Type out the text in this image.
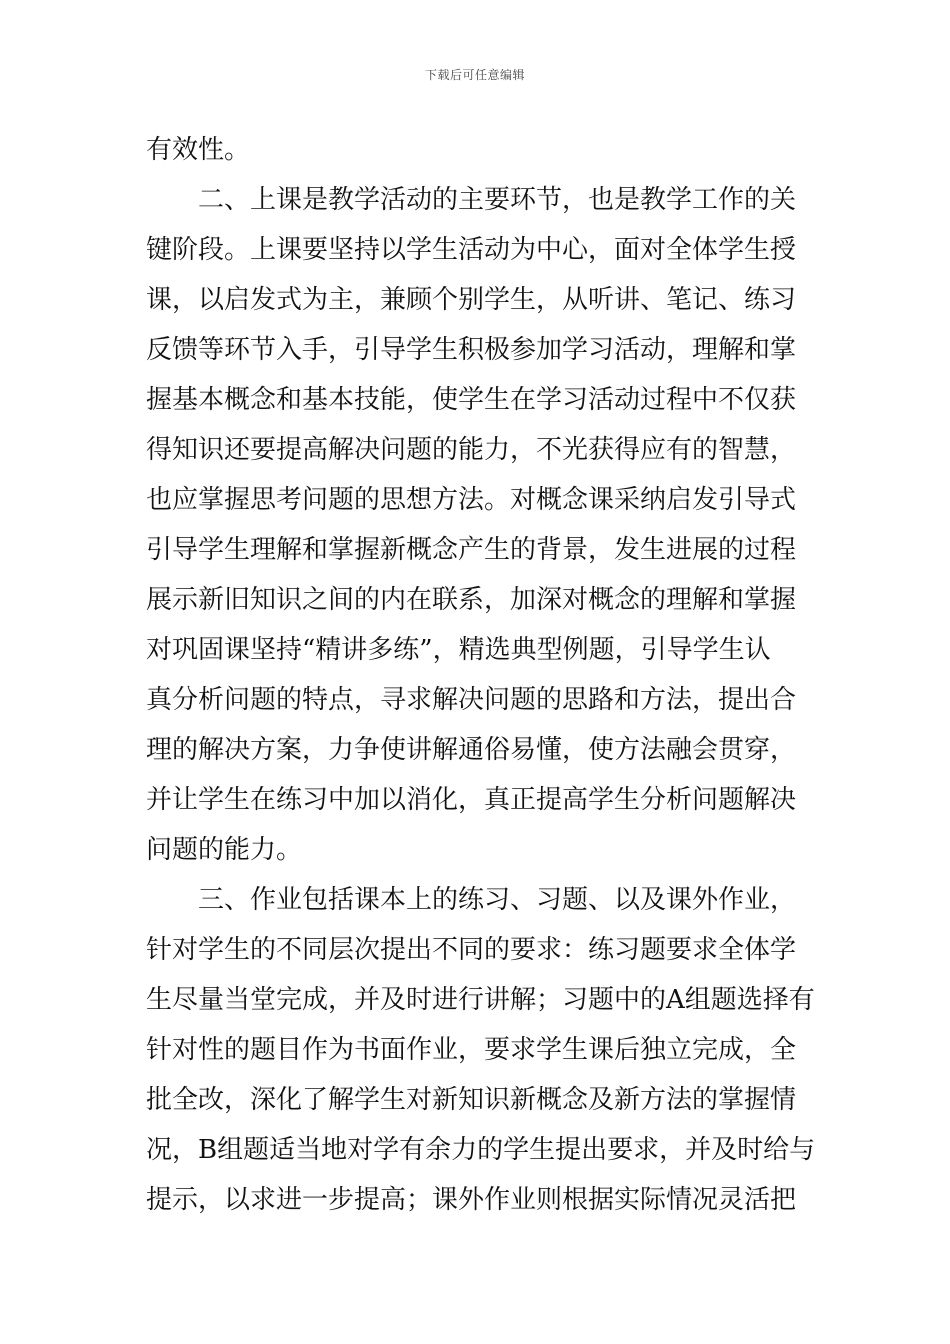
下载后可任意编辑
有效性。
二、上课是教学活动的主要环节，也是教学工作的关
键阶段。上课要坚持以学生活动为中心，面对全体学生授
课，以启发式为主，兼顾个别学生，从听讲、笔记、练习
反馈等环节入手，引导学生积极参加学习活动，理解和掌
握基本概念和基本技能，使学生在学习活动过程中不仅获
得知识还要提高解决问题的能力，不光获得应有的智慧，
也应掌握思考问题的思想方法。对概念课采纳启发引导式
引导学生理解和掌握新概念产生的背景，发生进展的过程
展示新旧知识之间的内在联系，加深对概念的理解和掌握
对巩固课坚持“精讲多练”，精选典型例题，引导学生认
真分析问题的特点，寻求解决问题的思路和方法，提出合
理的解决方案，力争使讲解通俗易懂，使方法融会贯穿，
并让学生在练习中加以消化，真正提高学生分析问题解决
问题的能力。
三、作业包括课本上的练习、习题、以及课外作业，
针对学生的不同层次提出不同的要求：练习题要求全体学
生尽量当堂完成，并及时进行讲解；习题中的A组题选择有
针对性的题目作为书面作业，要求学生课后独立完成，全
批全改，深化了解学生对新知识新概念及新方法的掌握情
况，B组题适当地对学有余力的学生提出要求，并及时给与
提示，以求进一步提高；课外作业则根据实际情况灵活把
